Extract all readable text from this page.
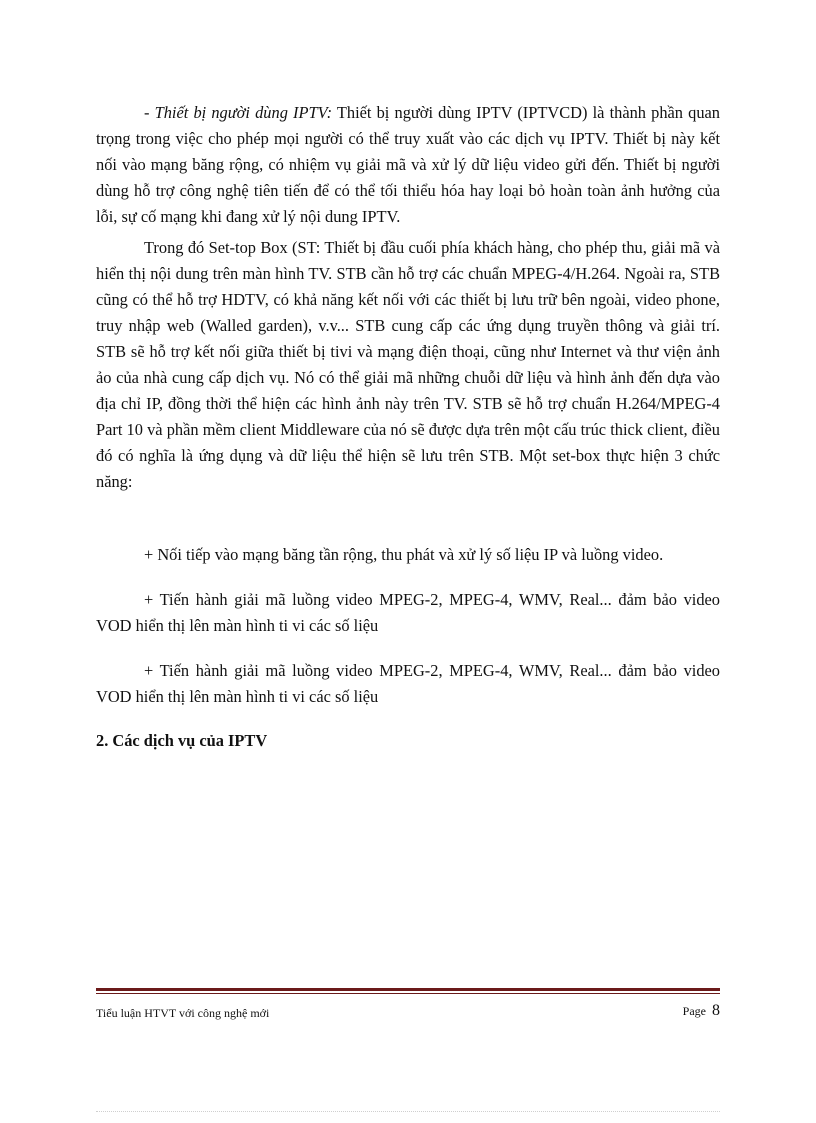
- Thiết bị người dùng IPTV: Thiết bị người dùng IPTV (IPTVCD) là thành phần quan trọng trong việc cho phép mọi người có thể truy xuất vào các dịch vụ IPTV. Thiết bị này kết nối vào mạng băng rộng, có nhiệm vụ giải mã và xử lý dữ liệu video gửi đến. Thiết bị người dùng hỗ trợ công nghệ tiên tiến để có thể tối thiểu hóa hay loại bỏ hoàn toàn ảnh hưởng của lỗi, sự cố mạng khi đang xử lý nội dung IPTV.
Trong đó Set-top Box (ST: Thiết bị đầu cuối phía khách hàng, cho phép thu, giải mã và hiển thị nội dung trên màn hình TV. STB cần hỗ trợ các chuẩn MPEG-4/H.264. Ngoài ra, STB cũng có thể hỗ trợ HDTV, có khả năng kết nối với các thiết bị lưu trữ bên ngoài, video phone, truy nhập web (Walled garden), v.v... STB cung cấp các ứng dụng truyền thông và giải trí. STB sẽ hỗ trợ kết nối giữa thiết bị tivi và mạng điện thoại, cũng như Internet và thư viện ảnh ảo của nhà cung cấp dịch vụ. Nó có thể giải mã những chuỗi dữ liệu và hình ảnh đến dựa vào địa chỉ IP, đồng thời thể hiện các hình ảnh này trên TV. STB sẽ hỗ trợ chuẩn H.264/MPEG-4 Part 10 và phần mềm client Middleware của nó sẽ được dựa trên một cấu trúc thick client, điều đó có nghĩa là ứng dụng và dữ liệu thể hiện sẽ lưu trên STB. Một set-box thực hiện 3 chức năng:
+ Nối tiếp vào mạng băng tần rộng, thu phát và xử lý số liệu IP và luồng video.
+ Tiến hành giải mã luồng video MPEG-2, MPEG-4, WMV, Real... đảm bảo video VOD hiển thị lên màn hình ti vi các số liệu
+ Tiến hành giải mã luồng video MPEG-2, MPEG-4, WMV, Real... đảm bảo video VOD hiển thị lên màn hình ti vi các số liệu
2. Các dịch vụ của IPTV
Tiểu luận HTVT với công nghệ mới	Page 8
